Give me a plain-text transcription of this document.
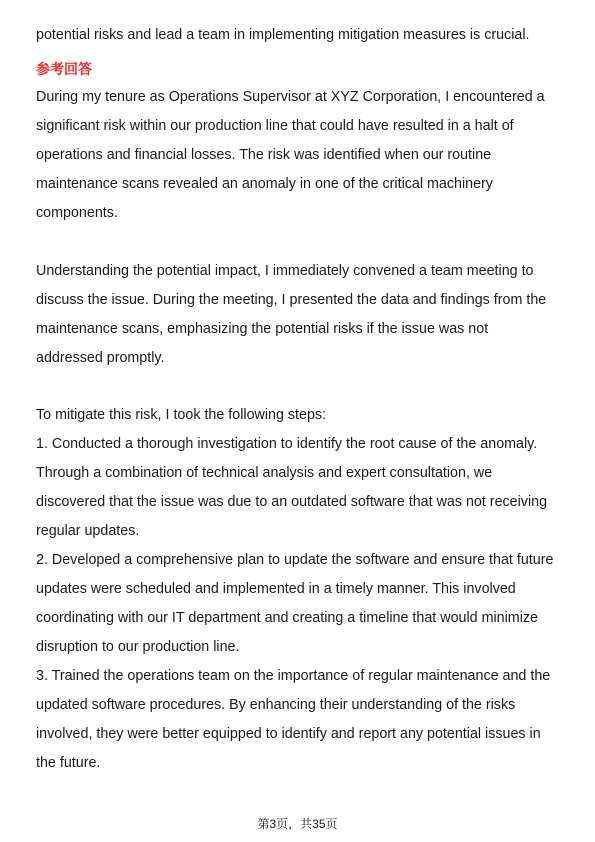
potential risks and lead a team in implementing mitigation measures is crucial.
参考回答
During my tenure as Operations Supervisor at XYZ Corporation, I encountered a
significant risk within our production line that could have resulted in a halt of
operations and financial losses. The risk was identified when our routine
maintenance scans revealed an anomaly in one of the critical machinery
components.
Understanding the potential impact, I immediately convened a team meeting to
discuss the issue. During the meeting, I presented the data and findings from the
maintenance scans, emphasizing the potential risks if the issue was not
addressed promptly.
To mitigate this risk, I took the following steps:
1. Conducted a thorough investigation to identify the root cause of the anomaly.
Through a combination of technical analysis and expert consultation, we
discovered that the issue was due to an outdated software that was not receiving
regular updates.
2. Developed a comprehensive plan to update the software and ensure that future
updates were scheduled and implemented in a timely manner. This involved
coordinating with our IT department and creating a timeline that would minimize
disruption to our production line.
3. Trained the operations team on the importance of regular maintenance and the
updated software procedures. By enhancing their understanding of the risks
involved, they were better equipped to identify and report any potential issues in
the future.
第3页，共35页
